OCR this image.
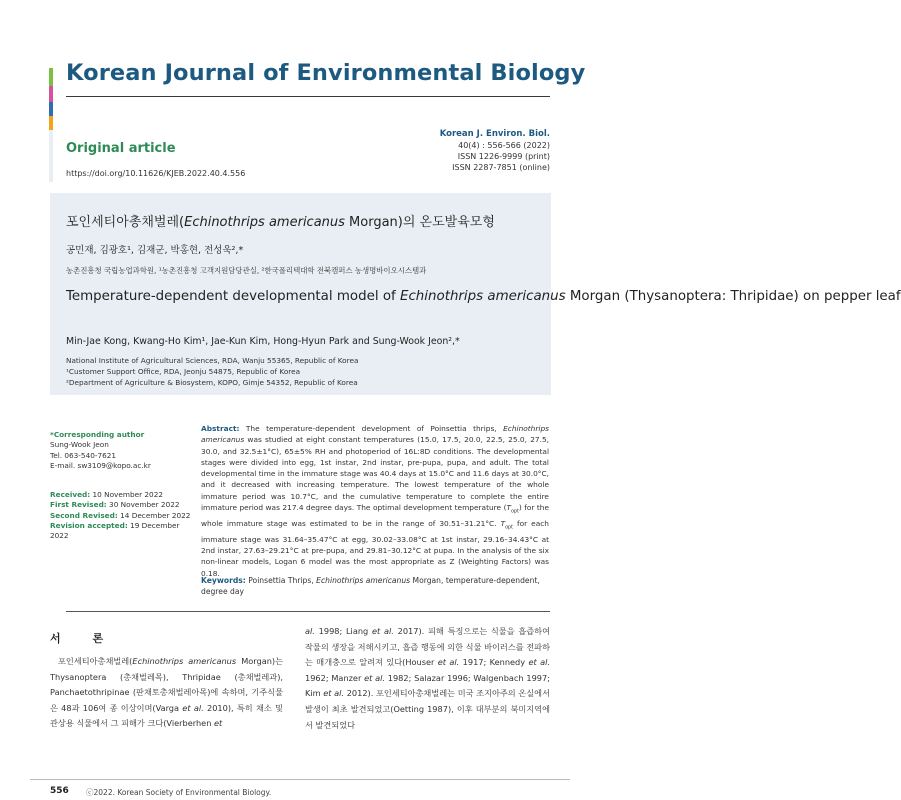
Korean Journal of Environmental Biology
Original article
https://doi.org/10.11626/KJEB.2022.40.4.556
Korean J. Environ. Biol.
40(4) : 556-566 (2022)
ISSN 1226-9999 (print)
ISSN 2287-7851 (online)
포인세티아총채벌레(Echinothrips americanus Morgan)의 온도발육모형
공민재, 김광호¹, 김재군, 박홍현, 전성욱²,*
농촌진흥청 국립농업과학원, ¹농촌진흥청 고객지원담당관실, ²한국폴리텍대학 전북캠퍼스 농생명바이오시스템과
Temperature-dependent developmental model of Echinothrips americanus Morgan (Thysanoptera: Thripidae) on pepper leaf
Min-Jae Kong, Kwang-Ho Kim¹, Jae-Kun Kim, Hong-Hyun Park and Sung-Wook Jeon²,*
National Institute of Agricultural Sciences, RDA, Wanju 55365, Republic of Korea
¹Customer Support Office, RDA, Jeonju 54875, Republic of Korea
²Department of Agriculture & Biosystem, KOPO, Gimje 54352, Republic of Korea
*Corresponding author
Sung-Wook Jeon
Tel. 063-540-7621
E-mail. sw3109@kopo.ac.kr
Received: 10 November 2022
First Revised: 30 November 2022
Second Revised: 14 December 2022
Revision accepted: 19 December 2022
Abstract: The temperature-dependent development of Poinsettia thrips, Echinothrips americanus was studied at eight constant temperatures (15.0, 17.5, 20.0, 22.5, 25.0, 27.5, 30.0, and 32.5±1°C), 65±5% RH and photoperiod of 16L:8D conditions. The developmental stages were divided into egg, 1st instar, 2nd instar, pre-pupa, pupa, and adult. The total developmental time in the immature stage was 40.4 days at 15.0°C and 11.6 days at 30.0°C, and it decreased with increasing temperature. The lowest temperature of the whole immature period was 10.7°C, and the cumulative temperature to complete the entire immature period was 217.4 degree days. The optimal development temperature $(T_{opt})$ for the whole immature stage was estimated to be in the range of 30.51–31.21°C. $T_{opt}$ for each immature stage was 31.64–35.47°C at egg, 30.02–33.08°C at 1st instar, 29.16–34.43°C at 2nd instar, 27.63–29.21°C at pre-pupa, and 29.81–30.12°C at pupa. In the analysis of the six non-linear models, Logan 6 model was the most appropriate as Z (Weighting Factors) was 0.18.
Keywords: Poinsettia Thrips, Echinothrips americanus Morgan, temperature-dependent, degree day
서 론
포인세티아총채벌레(Echinothrips americanus Morgan)는 Thysanoptera (총채벌레목), Thripidae (총채벌레과), Panchaetothripinae (판채토총채벌레아목)에 속하며, 기주식물은 48과 106여 종 이상이며(Varga et al. 2010), 특히 채소 및 관상용 식물에서 그 피해가 크다(Vierberhen et
al. 1998; Liang et al. 2017). 피해 특징으로는 식물을 흡즙하여 작물의 생장을 저해시키고, 흡즙 행동에 의한 식물 바이러스를 전파하는 매개충으로 알려져 있다(Houser et al. 1917; Kennedy et al. 1962; Manzer et al. 1982; Salazar 1996; Walgenbach 1997; Kim et al. 2012). 포인세티아총채벌레는 미국 조지아주의 온실에서 발생이 최초 발견되었고(Oetting 1987), 이후 대부분의 북미지역에서 발견되었다
556 ⓒ2022. Korean Society of Environmental Biology.
